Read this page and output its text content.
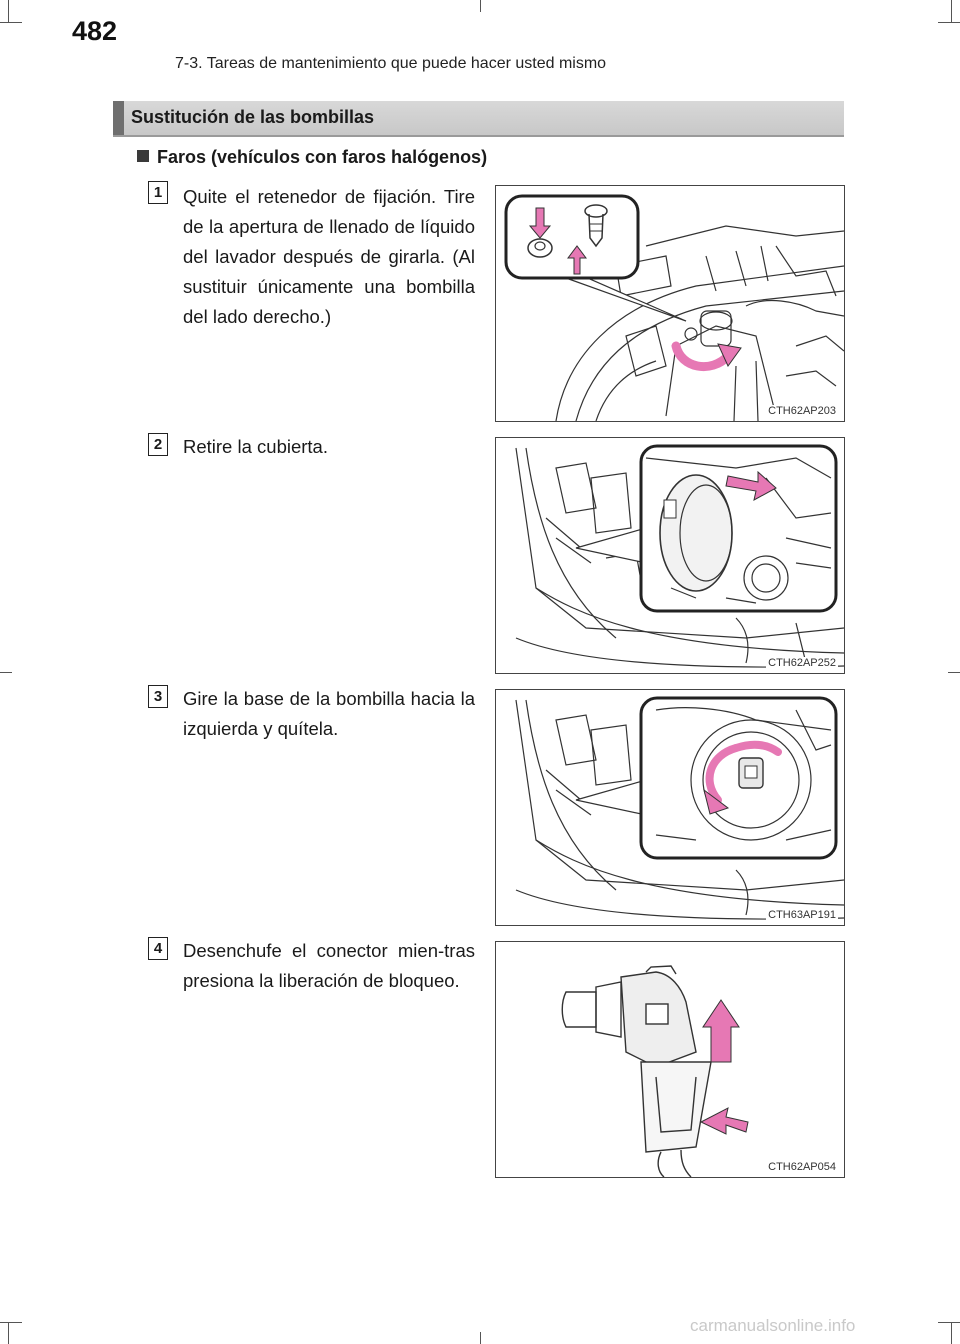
482
7-3. Tareas de mantenimiento que puede hacer usted mismo
Sustitución de las bombillas
Faros (vehículos con faros halógenos)
1	Quite el retenedor de fijación. Tire de la apertura de llenado de líquido del lavador después de girarla. (Al sustituir únicamente una bombilla del lado derecho.)
CTH62AP203
2	Retire la cubierta.
CTH62AP252
3	Gire la base de la bombilla hacia la izquierda y quítela.
CTH63AP191
4	Desenchufe el conector mien-tras presiona la liberación de bloqueo.
CTH62AP054
carmanualsonline.info
